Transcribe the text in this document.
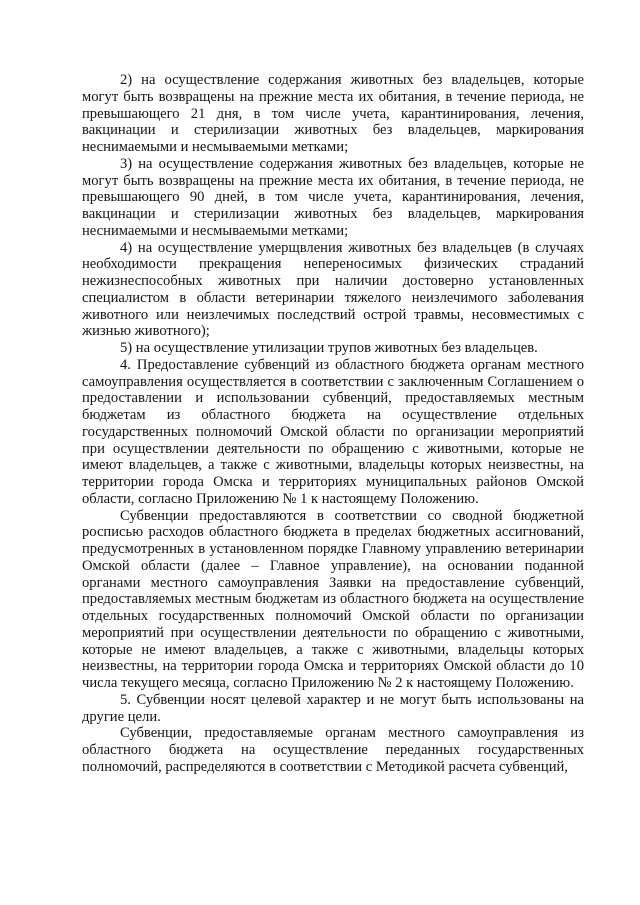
2) на осуществление содержания животных без владельцев, которые могут быть возвращены на прежние места их обитания, в течение периода, не превышающего 21 дня, в том числе учета, карантинирования, лечения, вакцинации и стерилизации животных без владельцев, маркирования неснимаемыми и несмываемыми метками;

3) на осуществление содержания животных без владельцев, которые не могут быть возвращены на прежние места их обитания, в течение периода, не превышающего 90 дней, в том числе учета, карантинирования, лечения, вакцинации и стерилизации животных без владельцев, маркирования неснимаемыми и несмываемыми метками;

4) на осуществление умерщвления животных без владельцев (в случаях необходимости прекращения непереносимых физических страданий нежизнеспособных животных при наличии достоверно установленных специалистом в области ветеринарии тяжелого неизлечимого заболевания животного или неизлечимых последствий острой травмы, несовместимых с жизнью животного);

5) на осуществление утилизации трупов животных без владельцев.

4. Предоставление субвенций из областного бюджета органам местного самоуправления осуществляется в соответствии с заключенным Соглашением о предоставлении и использовании субвенций, предоставляемых местным бюджетам из областного бюджета на осуществление отдельных государственных полномочий Омской области по организации мероприятий при осуществлении деятельности по обращению с животными, которые не имеют владельцев, а также с животными, владельцы которых неизвестны, на территории города Омска и территориях муниципальных районов Омской области, согласно Приложению № 1 к настоящему Положению.

Субвенции предоставляются в соответствии со сводной бюджетной росписью расходов областного бюджета в пределах бюджетных ассигнований, предусмотренных в установленном порядке Главному управлению ветеринарии Омской области (далее – Главное управление), на основании поданной органами местного самоуправления Заявки на предоставление субвенций, предоставляемых местным бюджетам из областного бюджета на осуществление отдельных государственных полномочий Омской области по организации мероприятий при осуществлении деятельности по обращению с животными, которые не имеют владельцев, а также с животными, владельцы которых неизвестны, на территории города Омска и территориях Омской области до 10 числа текущего месяца, согласно Приложению № 2 к настоящему Положению.

5. Субвенции носят целевой характер и не могут быть использованы на другие цели.

Субвенции, предоставляемые органам местного самоуправления из областного бюджета на осуществление переданных государственных полномочий, распределяются в соответствии с Методикой расчета субвенций,
